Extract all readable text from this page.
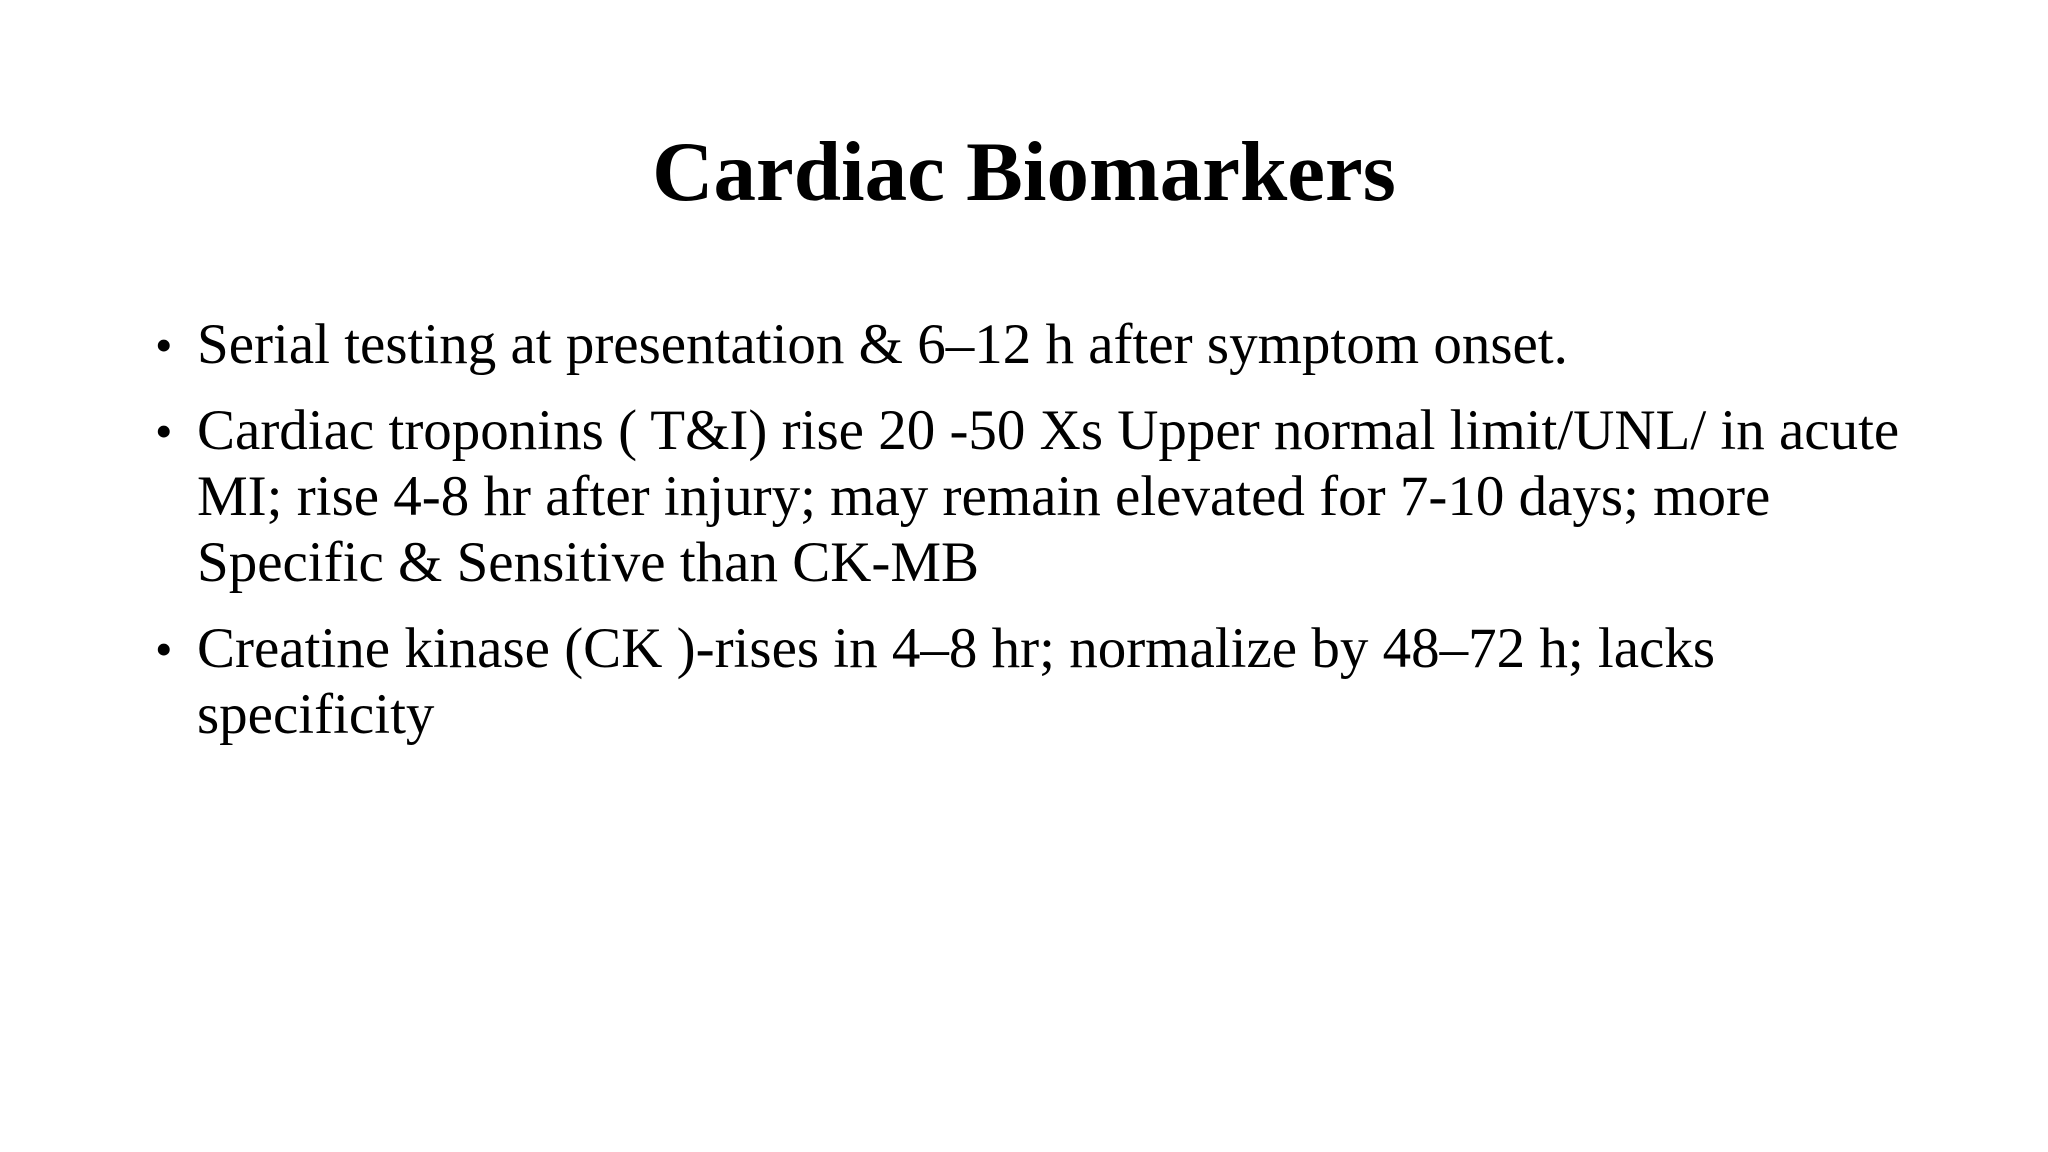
Cardiac Biomarkers
• Serial testing at presentation & 6–12 h after symptom onset.
• Cardiac troponins ( T&I) rise 20 -50 Xs Upper normal limit/UNL/ in acute MI; rise 4-8 hr after injury; may remain elevated for 7-10 days; more Specific & Sensitive than CK-MB
• Creatine kinase (CK )-rises in 4–8 hr; normalize by 48–72 h; lacks specificity
